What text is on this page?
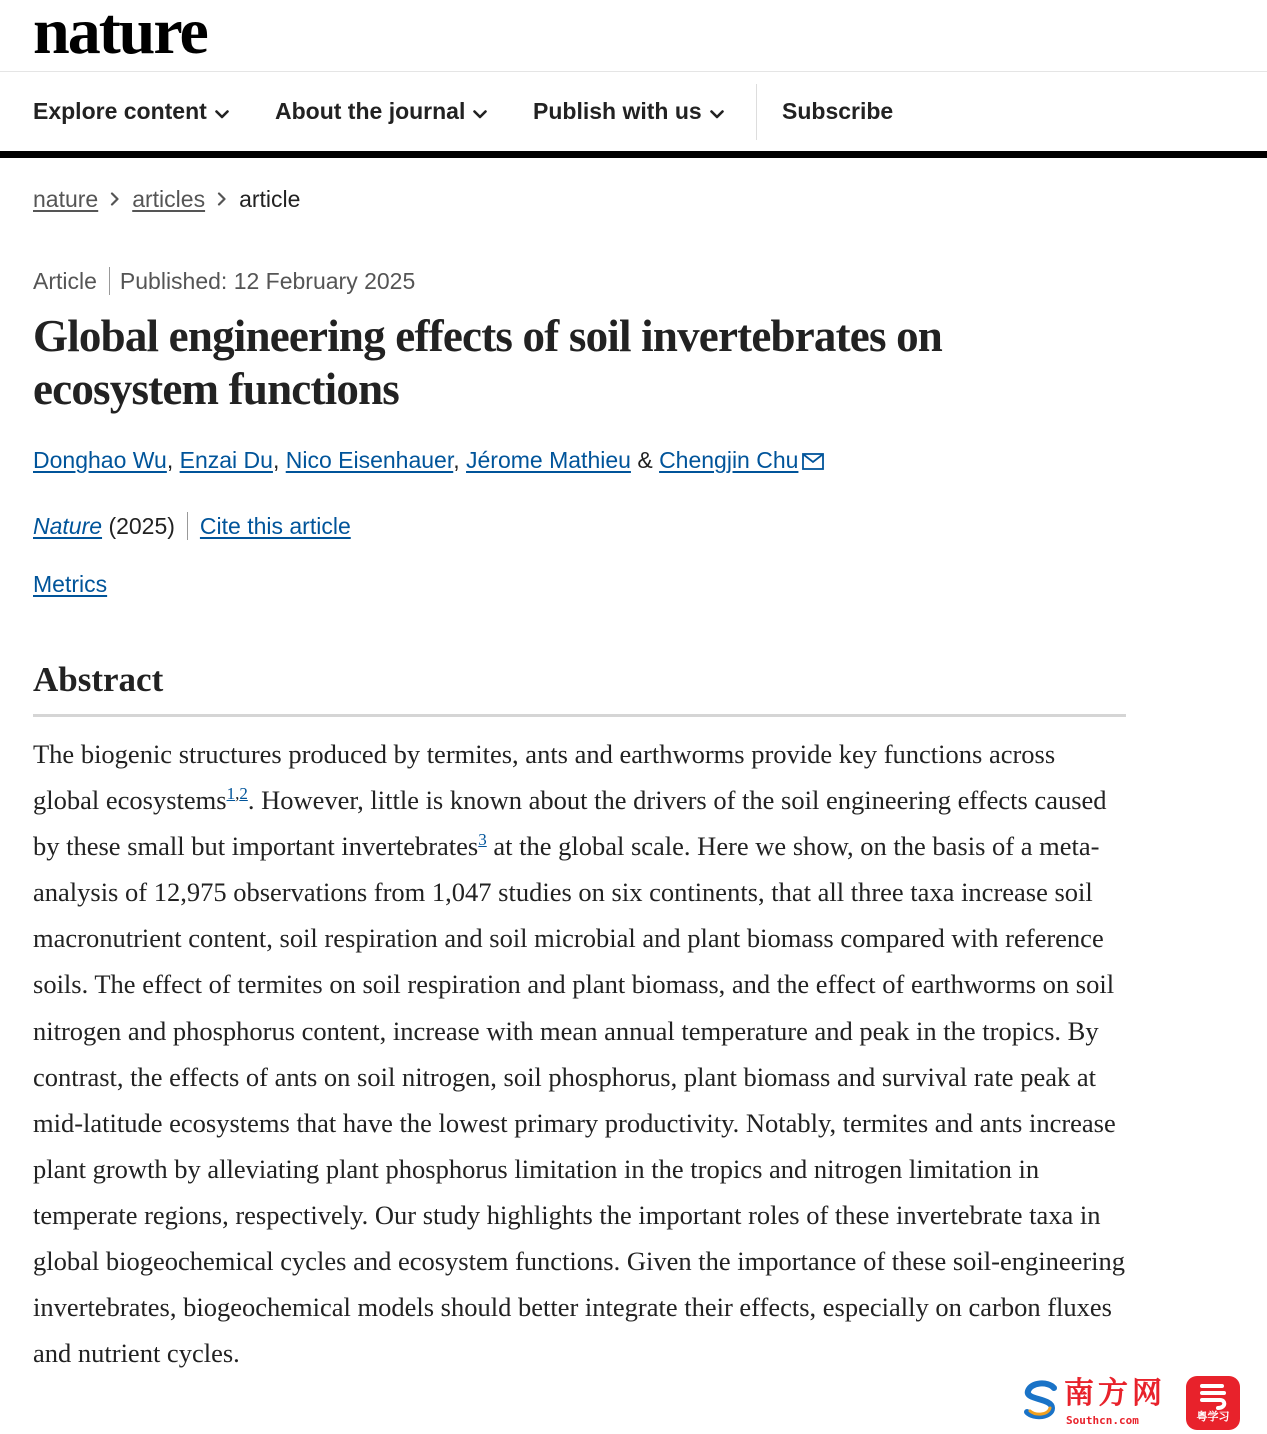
nature
Explore content	About the journal	Publish with us	Subscribe
nature articles article
Article Published: 12 February 2025
Global engineering effects of soil invertebrates on ecosystem functions
Donghao Wu, Enzai Du, Nico Eisenhauer, Jérome Mathieu & Chengjin Chu
Nature (2025) Cite this article
Metrics
Abstract

The biogenic structures produced by termites, ants and earthworms provide key functions across global ecosystems$^{1,2}$. However, little is known about the drivers of the soil engineering effects caused by these small but important invertebrates$^3$ at the global scale. Here we show, on the basis of a meta-analysis of 12,975 observations from 1,047 studies on six continents, that all three taxa increase soil macronutrient content, soil respiration and soil microbial and plant biomass compared with reference soils. The effect of termites on soil respiration and plant biomass, and the effect of earthworms on soil nitrogen and phosphorus content, increase with mean annual temperature and peak in the tropics. By contrast, the effects of ants on soil nitrogen, soil phosphorus, plant biomass and survival rate peak at mid-latitude ecosystems that have the lowest primary productivity. Notably, termites and ants increase plant growth by alleviating plant phosphorus limitation in the tropics and nitrogen limitation in temperate regions, respectively. Our study highlights the important roles of these invertebrate taxa in global biogeochemical cycles and ecosystem functions. Given the importance of these soil-engineering invertebrates, biogeochemical models should better integrate their effects, especially on carbon fluxes and nutrient cycles.

南方网
Southcn.com	粤学习
